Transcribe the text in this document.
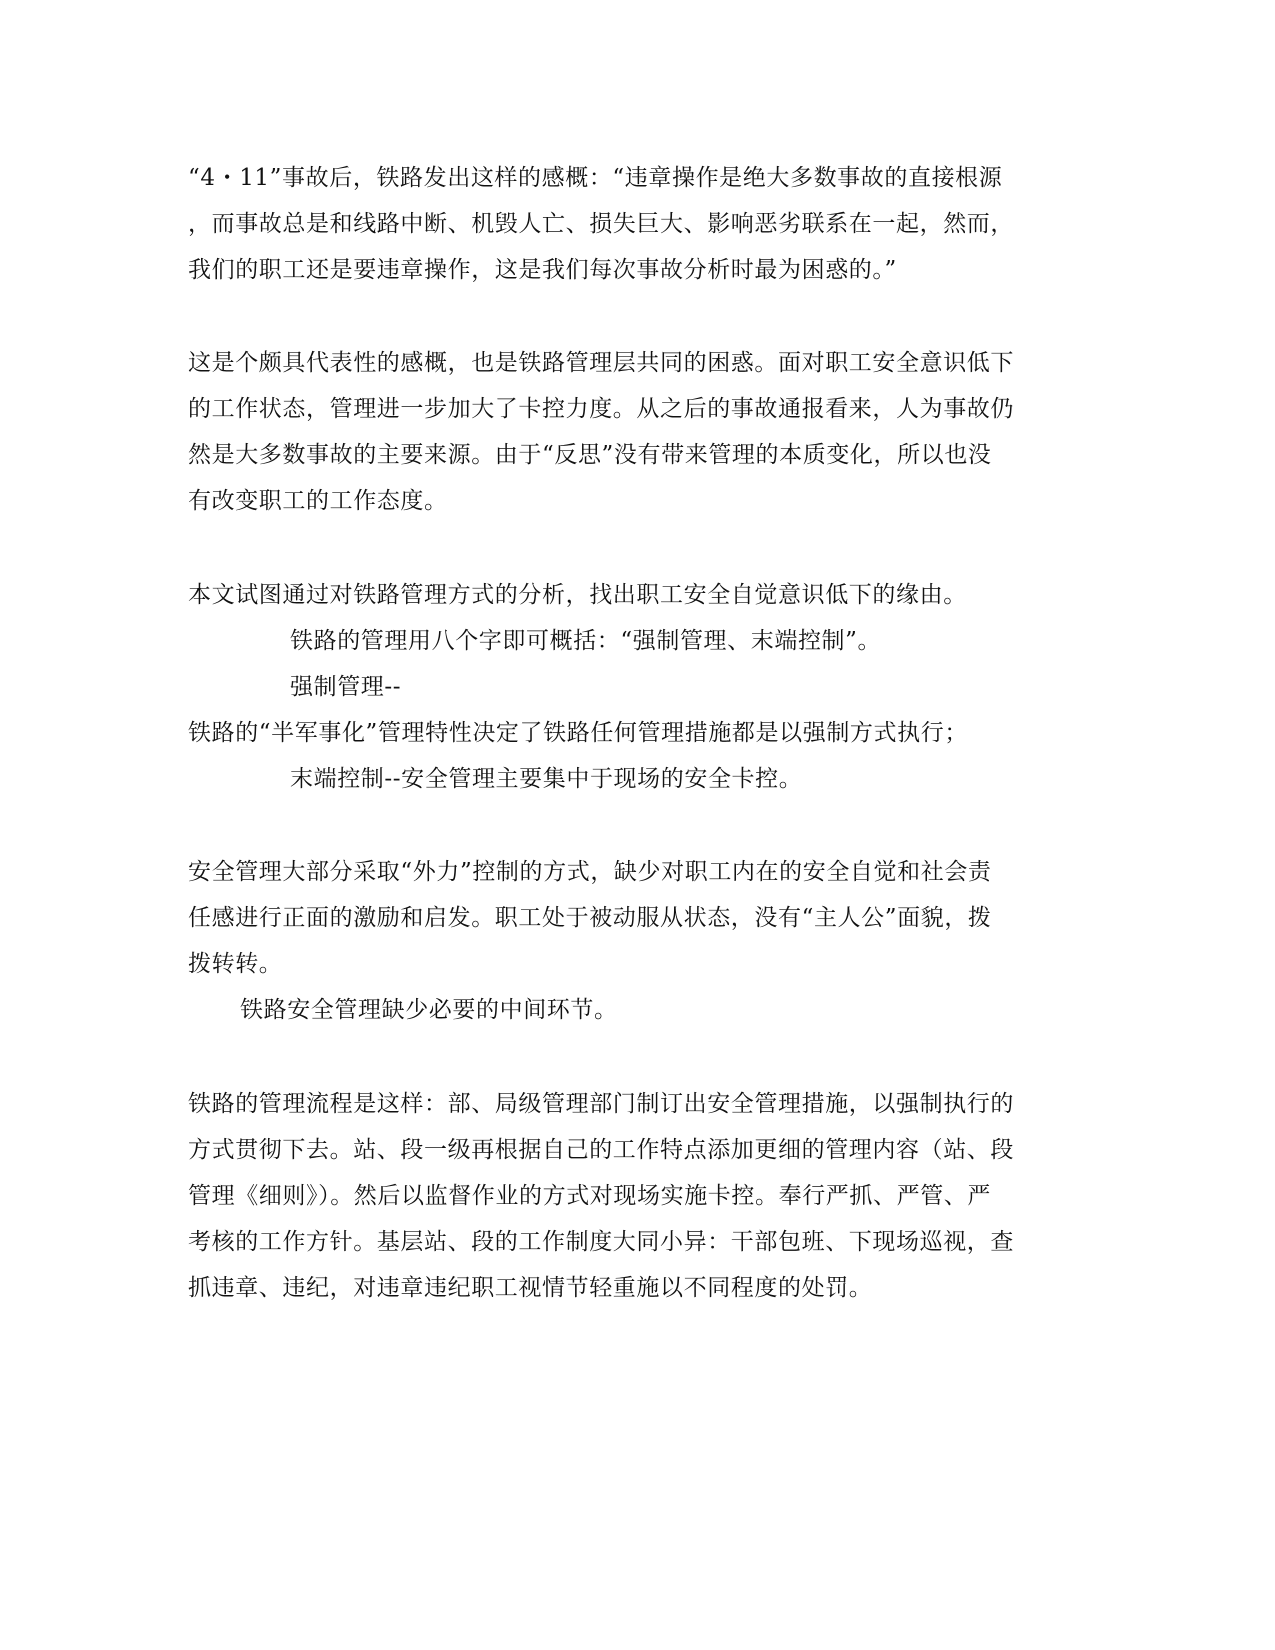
“4・11”事故后，铁路发出这样的感概：“违章操作是绝大多数事故的直接根源
，而事故总是和线路中断、机毁人亡、损失巨大、影响恶劣联系在一起，然而，
我们的职工还是要违章操作，这是我们每次事故分析时最为困惑的。”
这是个颇具代表性的感概，也是铁路管理层共同的困惑。面对职工安全意识低下
的工作状态，管理进一步加大了卡控力度。从之后的事故通报看来，人为事故仍
然是大多数事故的主要来源。由于“反思”没有带来管理的本质变化，所以也没
有改变职工的工作态度。
本文试图通过对铁路管理方式的分析，找出职工安全自觉意识低下的缘由。
铁路的管理用八个字即可概括：“强制管理、末端控制”。
强制管理--
铁路的“半军事化”管理特性决定了铁路任何管理措施都是以强制方式执行；
末端控制--安全管理主要集中于现场的安全卡控。
安全管理大部分采取“外力”控制的方式，缺少对职工内在的安全自觉和社会责
任感进行正面的激励和启发。职工处于被动服从状态，没有“主人公”面貌，拨
拨转转。
铁路安全管理缺少必要的中间环节。
铁路的管理流程是这样：部、局级管理部门制订出安全管理措施，以强制执行的
方式贯彻下去。站、段一级再根据自己的工作特点添加更细的管理内容（站、段
管理《细则》）。然后以监督作业的方式对现场实施卡控。奉行严抓、严管、严
考核的工作方针。基层站、段的工作制度大同小异：干部包班、下现场巡视，查
抓违章、违纪，对违章违纪职工视情节轻重施以不同程度的处罚。
